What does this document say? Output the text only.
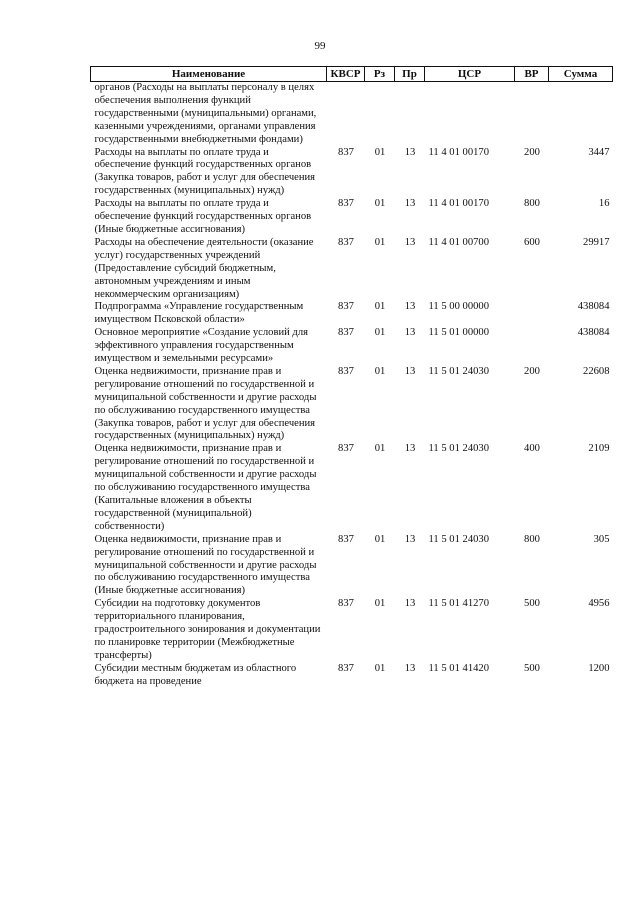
99
Наименование	КВСР	Рз	Пр	ЦСР	ВР	Сумма
органов (Расходы на выплаты персоналу в целях обеспечения выполнения функций государственными (муниципальными) органами, казенными учреждениями, органами управления государственными внебюджетными фондами)						
Расходы на выплаты по оплате труда и обеспечение функций государственных органов (Закупка товаров, работ и услуг для обеспечения государственных (муниципальных) нужд)	837	01	13	11 4 01 00170	200	3447
Расходы на выплаты по оплате труда и обеспечение функций государственных органов (Иные бюджетные ассигнования)	837	01	13	11 4 01 00170	800	16
Расходы на обеспечение деятельности (оказание услуг) государственных учреждений (Предоставление субсидий бюджетным, автономным учреждениям и иным некоммерческим организациям)	837	01	13	11 4 01 00700	600	29917
Подпрограмма «Управление государственным имуществом Псковской области»	837	01	13	11 5 00 00000		438084
Основное мероприятие «Создание условий для эффективного управления государственным имуществом и земельными ресурсами»	837	01	13	11 5 01 00000		438084
Оценка недвижимости, признание прав и регулирование отношений по государственной и муниципальной собственности и другие расходы по обслуживанию государственного имущества (Закупка товаров, работ и услуг для обеспечения государственных (муниципальных) нужд)	837	01	13	11 5 01 24030	200	22608
Оценка недвижимости, признание прав и регулирование отношений по государственной и муниципальной собственности и другие расходы по обслуживанию государственного имущества (Капитальные вложения в объекты государственной (муниципальной) собственности)	837	01	13	11 5 01 24030	400	2109
Оценка недвижимости, признание прав и регулирование отношений по государственной и муниципальной собственности и другие расходы по обслуживанию государственного имущества (Иные бюджетные ассигнования)	837	01	13	11 5 01 24030	800	305
Субсидии на подготовку документов территориального планирования, градостроительного зонирования и документации по планировке территории (Межбюджетные трансферты)	837	01	13	11 5 01 41270	500	4956
Субсидии местным бюджетам из областного бюджета на проведение	837	01	13	11 5 01 41420	500	1200
